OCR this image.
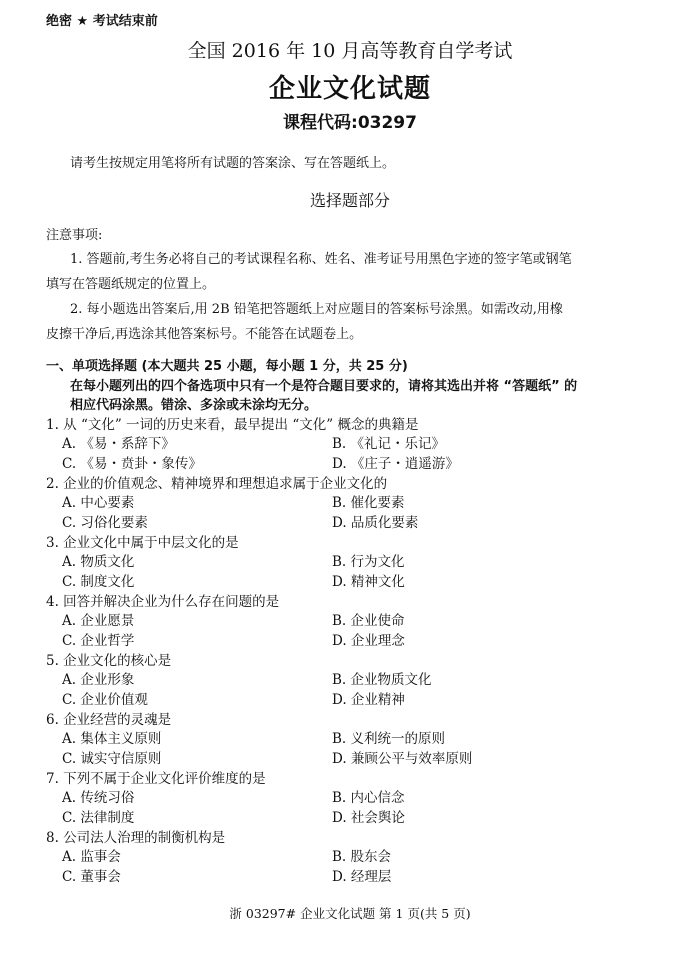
绝密 ★ 考试结束前
全国 2016 年 10 月高等教育自学考试
企业文化试题
课程代码:03297
请考生按规定用笔将所有试题的答案涂、写在答题纸上。
选择题部分
注意事项:
1. 答题前,考生务必将自己的考试课程名称、姓名、准考证号用黑色字迹的签字笔或钢笔
填写在答题纸规定的位置上。
2. 每小题选出答案后,用 2B 铅笔把答题纸上对应题目的答案标号涂黑。如需改动,用橡
皮擦干净后,再选涂其他答案标号。不能答在试题卷上。
一、单项选择题 (本大题共 25 小题，每小题 1 分，共 25 分)
在每小题列出的四个备选项中只有一个是符合题目要求的，请将其选出并将 “答题纸” 的
相应代码涂黑。错涂、多涂或未涂均无分。
1. 从 “文化” 一词的历史来看，最早提出 “文化” 概念的典籍是
A. 《易・系辞下》	B. 《礼记・乐记》
C. 《易・贲卦・象传》	D. 《庄子・逍遥游》
2. 企业的价值观念、精神境界和理想追求属于企业文化的
A. 中心要素	B. 催化要素
C. 习俗化要素	D. 品质化要素
3. 企业文化中属于中层文化的是
A. 物质文化	B. 行为文化
C. 制度文化	D. 精神文化
4. 回答并解决企业为什么存在问题的是
A. 企业愿景	B. 企业使命
C. 企业哲学	D. 企业理念
5. 企业文化的核心是
A. 企业形象	B. 企业物质文化
C. 企业价值观	D. 企业精神
6. 企业经营的灵魂是
A. 集体主义原则	B. 义利统一的原则
C. 诚实守信原则	D. 兼顾公平与效率原则
7. 下列不属于企业文化评价维度的是
A. 传统习俗	B. 内心信念
C. 法律制度	D. 社会舆论
8. 公司法人治理的制衡机构是
A. 监事会	B. 股东会
C. 董事会	D. 经理层
浙 03297# 企业文化试题 第 1 页(共 5 页)
